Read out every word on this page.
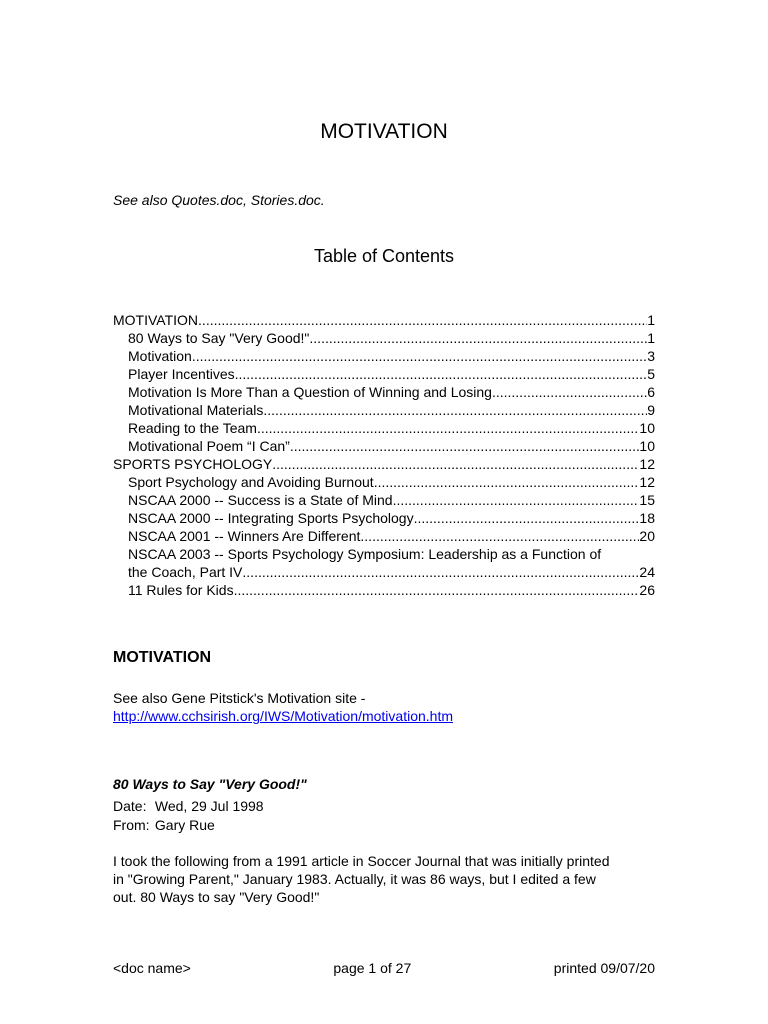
MOTIVATION

See also Quotes.doc, Stories.doc.

Table of Contents
MOTIVATION .....	1
80 Ways to Say "Very Good!" .....	1
Motivation .....	3
Player Incentives .....	5
Motivation Is More Than a Question of Winning and Losing .....	6
Motivational Materials .....	9
Reading to the Team .....	10
Motivational Poem “I Can” .....	10
SPORTS PSYCHOLOGY .....	12
Sport Psychology and Avoiding Burnout .....	12
NSCAA 2000 -- Success is a State of Mind .....	15
NSCAA 2000 -- Integrating Sports Psychology .....	18
NSCAA 2001 -- Winners Are Different .....	20
NSCAA 2003 -- Sports Psychology Symposium: Leadership as a Function of
the Coach, Part IV .....	24
11 Rules for Kids .....	26
MOTIVATION
See also Gene Pitstick's Motivation site -
http://www.cchsirish.org/IWS/Motivation/motivation.htm
80 Ways to Say "Very Good!"
Date: Wed, 29 Jul 1998
From: Gary Rue

I took the following from a 1991 article in Soccer Journal that was initially printed
in "Growing Parent," January 1983. Actually, it was 86 ways, but I edited a few
out. 80 Ways to say "Very Good!"

<doc name>	page 1 of 27	printed 09/07/20
